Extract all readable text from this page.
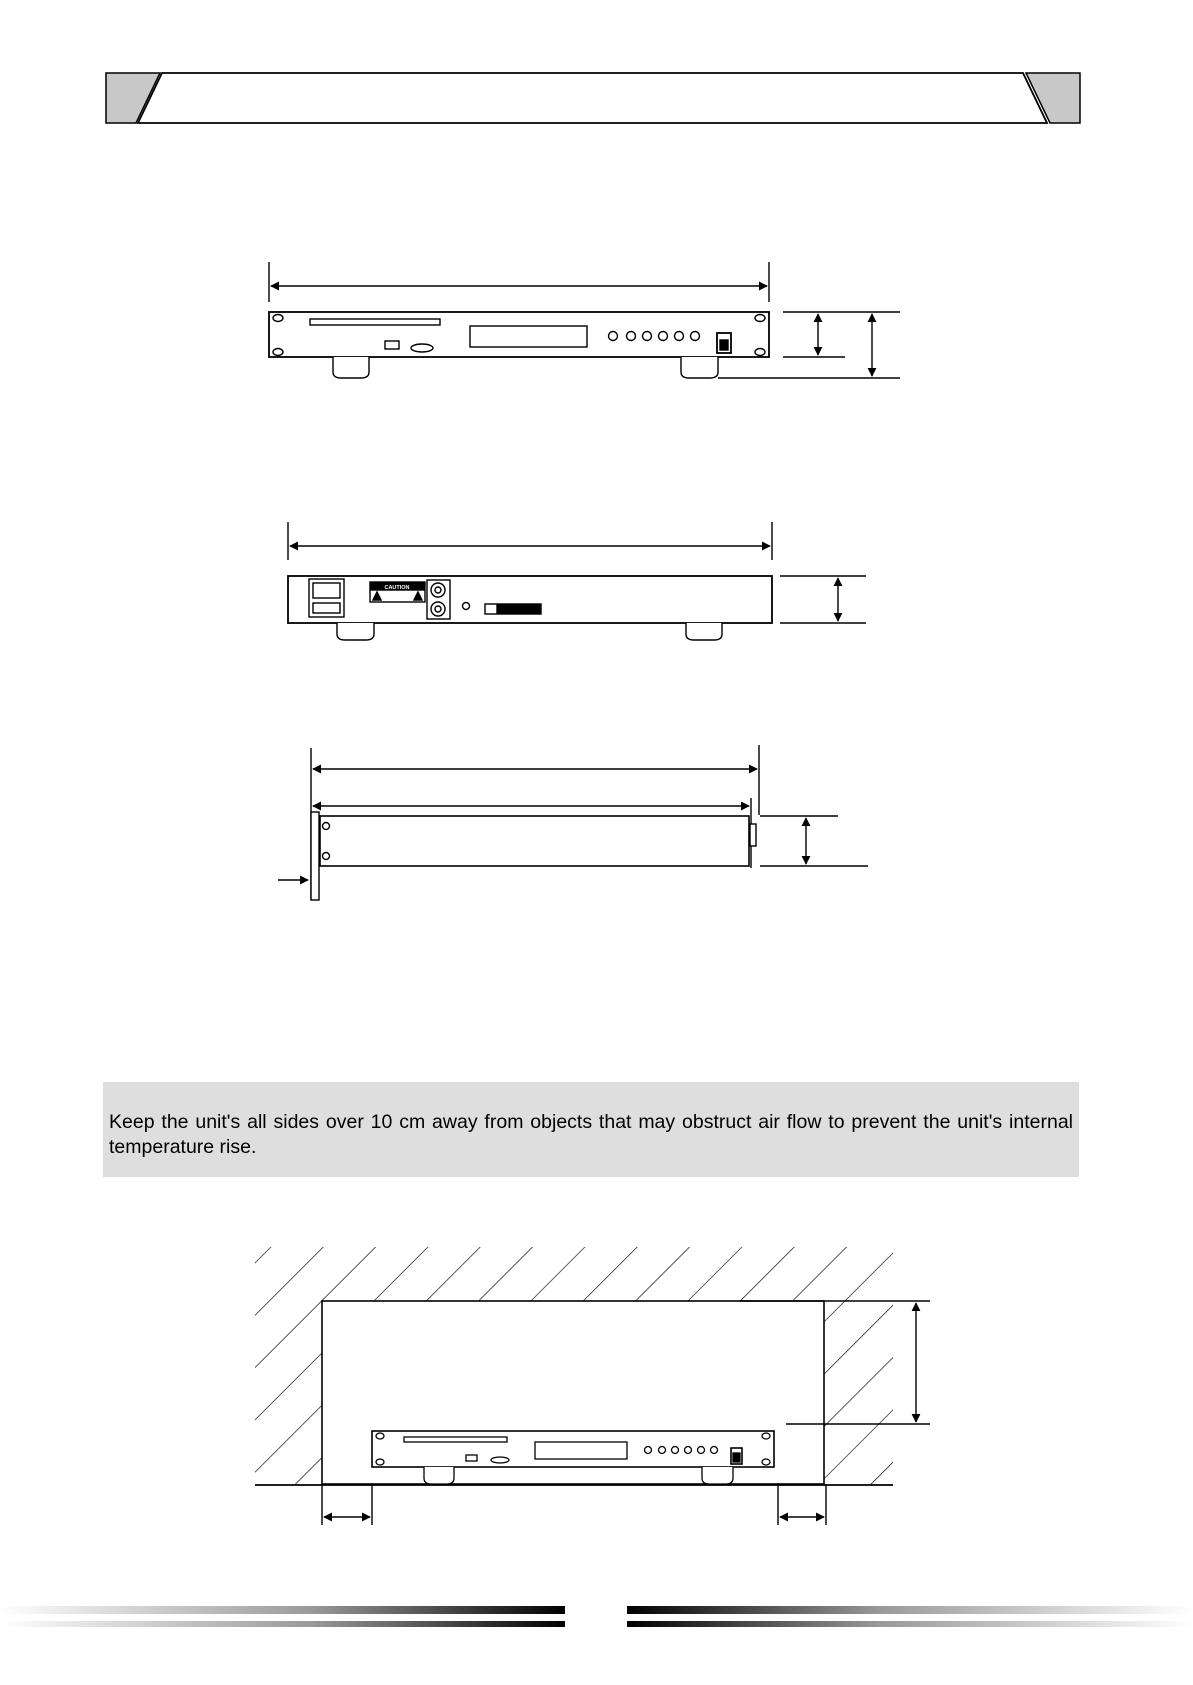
CAUTION
Keep the unit's all sides over 10 cm away from objects that may obstruct air flow to prevent the unit's internal temperature rise.
